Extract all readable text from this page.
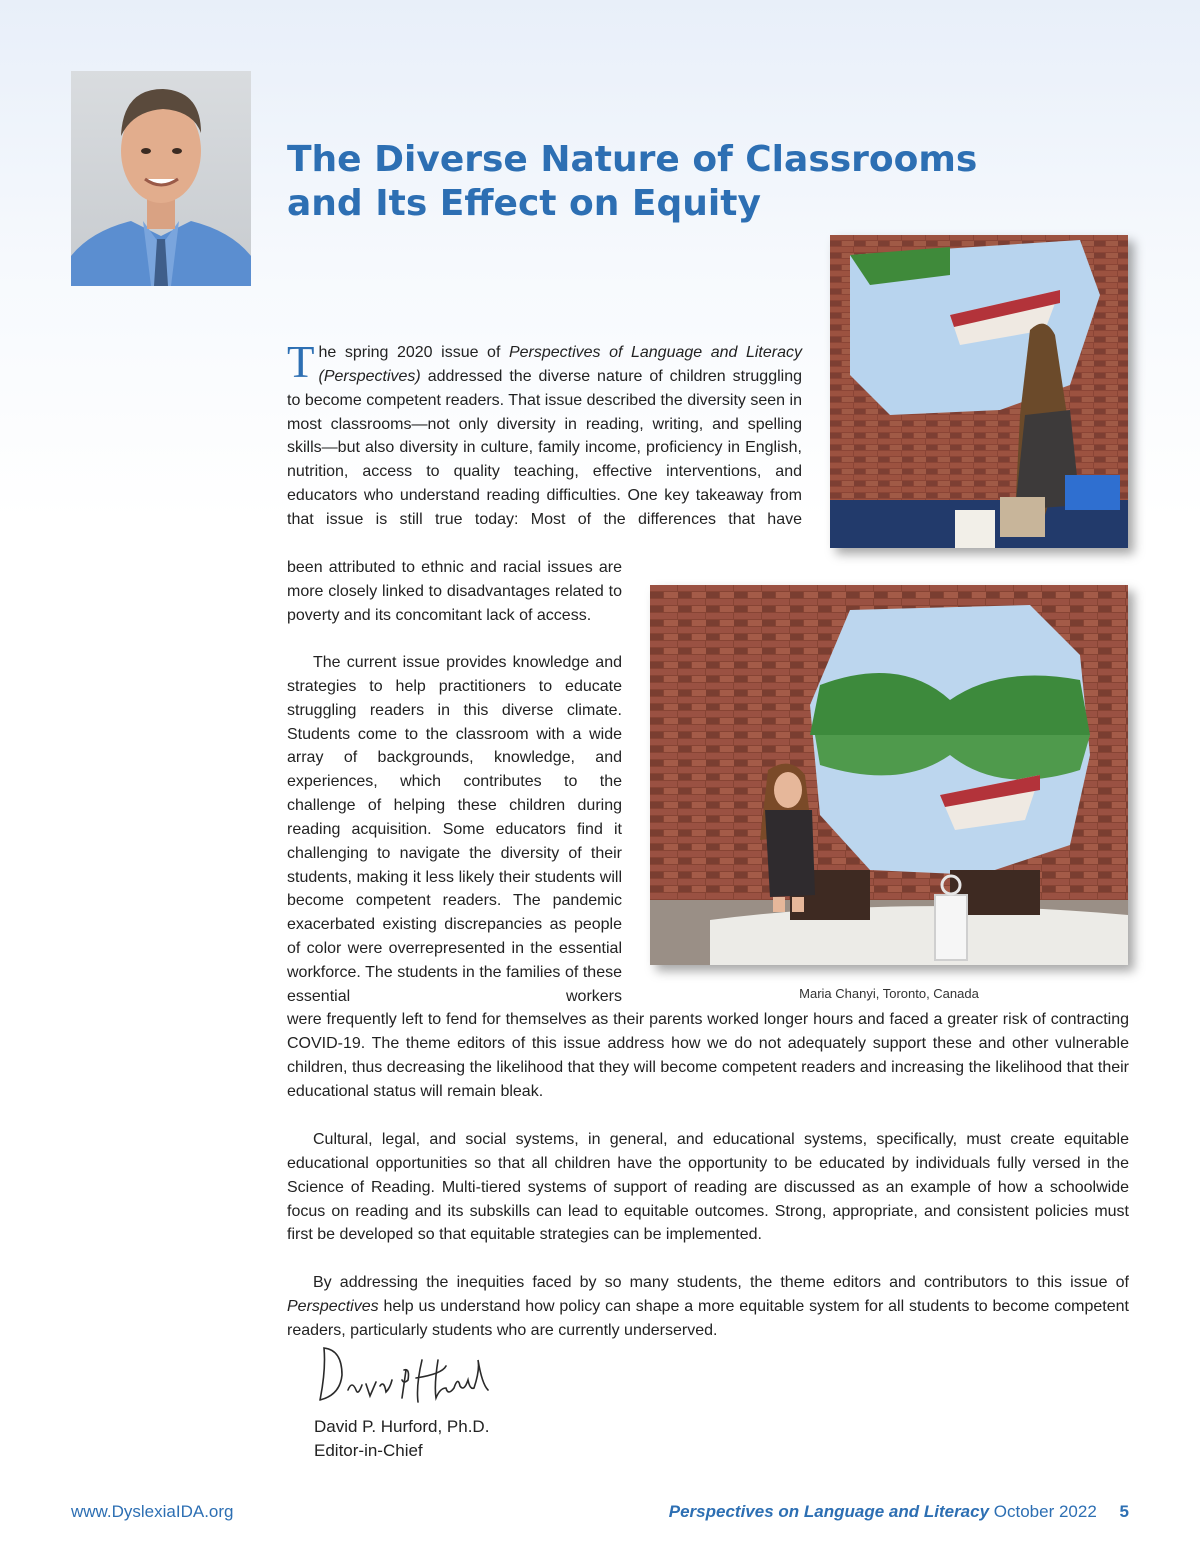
The Diverse Nature of Classrooms
and Its Effect on Equity
Maria Chanyi, Toronto, Canada

The spring 2020 issue of Perspectives of Language and Literacy (Perspectives) addressed the diverse nature of children struggling to become competent readers. That issue described the diversity seen in most classrooms—not only diversity in reading, writing, and spelling skills—but also diversity in culture, family income, proficiency in English, nutrition, access to quality teaching, effective interventions, and educators who understand reading difficulties. One key takeaway from that issue is still true today: Most of the differences that have

been attributed to ethnic and racial issues are more closely linked to disadvantages related to poverty and its concomitant lack of access.

The current issue provides knowledge and strategies to help practitioners to educate struggling readers in this diverse climate. Students come to the classroom with a wide array of backgrounds, knowledge, and experiences, which contributes to the challenge of helping these children during reading acquisition. Some educators find it challenging to navigate the diversity of their students, making it less likely their students will become competent readers. The pandemic exacerbated existing discrepancies as people of color were overrepresented in the essential workforce. The students in the families of these essential workers

were frequently left to fend for themselves as their parents worked longer hours and faced a greater risk of contracting COVID-19. The theme editors of this issue address how we do not adequately support these and other vulnerable children, thus decreasing the likelihood that they will become competent readers and increasing the likelihood that their educational status will remain bleak.

Cultural, legal, and social systems, in general, and educational systems, specifically, must create equitable educational opportunities so that all children have the opportunity to be educated by individuals fully versed in the Science of Reading. Multi-tiered systems of support of reading are discussed as an example of how a schoolwide focus on reading and its subskills can lead to equitable outcomes. Strong, appropriate, and consistent policies must first be developed so that equitable strategies can be implemented.

By addressing the inequities faced by so many students, the theme editors and contributors to this issue of Perspectives help us understand how policy can shape a more equitable system for all students to become competent readers, particularly students who are currently underserved.

David P. Hurford, Ph.D.
Editor-in-Chief
www.DyslexiaIDA.org	Perspectives on Language and Literacy October 2022 5
